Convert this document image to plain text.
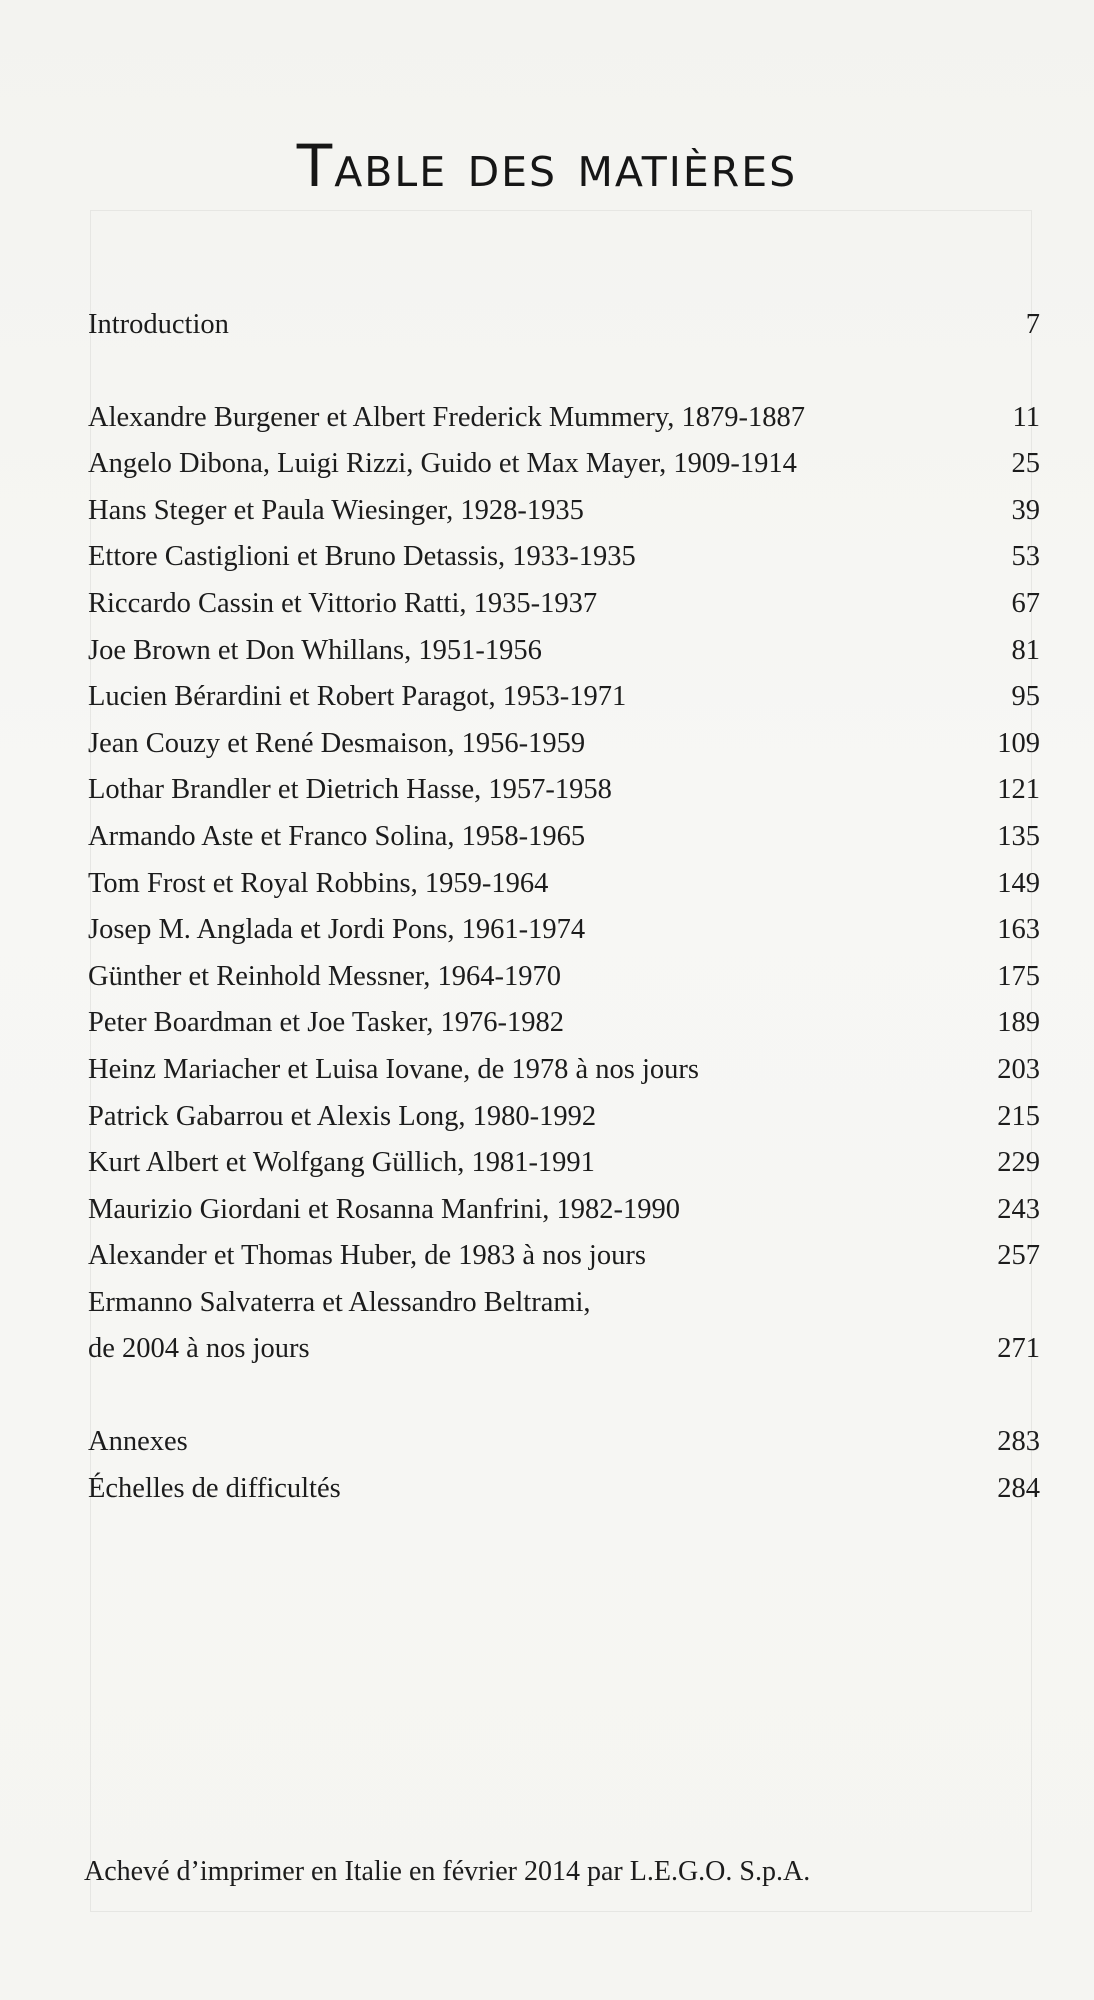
Table des matières
Introduction	7
Alexandre Burgener et Albert Frederick Mummery, 1879-1887	11
Angelo Dibona, Luigi Rizzi, Guido et Max Mayer, 1909-1914	25
Hans Steger et Paula Wiesinger, 1928-1935	39
Ettore Castiglioni et Bruno Detassis, 1933-1935	53
Riccardo Cassin et Vittorio Ratti, 1935-1937	67
Joe Brown et Don Whillans, 1951-1956	81
Lucien Bérardini et Robert Paragot, 1953-1971	95
Jean Couzy et René Desmaison, 1956-1959	109
Lothar Brandler et Dietrich Hasse, 1957-1958	121
Armando Aste et Franco Solina, 1958-1965	135
Tom Frost et Royal Robbins, 1959-1964	149
Josep M. Anglada et Jordi Pons, 1961-1974	163
Günther et Reinhold Messner, 1964-1970	175
Peter Boardman et Joe Tasker, 1976-1982	189
Heinz Mariacher et Luisa Iovane, de 1978 à nos jours	203
Patrick Gabarrou et Alexis Long, 1980-1992	215
Kurt Albert et Wolfgang Güllich, 1981-1991	229
Maurizio Giordani et Rosanna Manfrini, 1982-1990	243
Alexander et Thomas Huber, de 1983 à nos jours	257
Ermanno Salvaterra et Alessandro Beltrami,
de 2004 à nos jours	271
Annexes	283
Échelles de difficultés	284
Achevé d’imprimer en Italie en février 2014 par L.E.G.O. S.p.A.
